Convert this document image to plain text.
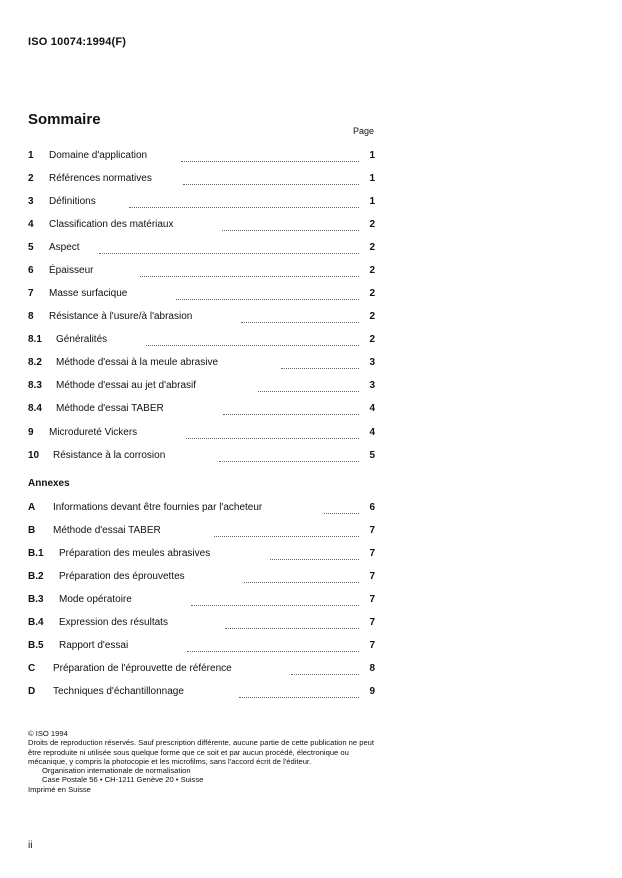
ISO 10074:1994(F)
Sommaire
Page
1 Domaine d'application	1
2 Références normatives	1
3 Définitions	1
4 Classification des matériaux	2
5 Aspect	2
6 Épaisseur	2
7 Masse surfacique	2
8 Résistance à l'usure/à l'abrasion	2
8.1 Généralités	2
8.2 Méthode d'essai à la meule abrasive	3
8.3 Méthode d'essai au jet d'abrasif	3
8.4 Méthode d'essai TABER	4
9 Microdureté Vickers	4
10 Résistance à la corrosion	5
Annexes
A Informations devant être fournies par l'acheteur	6
B Méthode d'essai TABER	7
B.1 Préparation des meules abrasives	7
B.2 Préparation des éprouvettes	7
B.3 Mode opératoire	7
B.4 Expression des résultats	7
B.5 Rapport d'essai	7
C Préparation de l'éprouvette de référence	8
D Techniques d'échantillonnage	9
© ISO 1994
Droits de reproduction réservés. Sauf prescription différente, aucune partie de cette publication ne peut être reproduite ni utilisée sous quelque forme que ce soit et par aucun procédé, électronique ou mécanique, y compris la photocopie et les microfilms, sans l'accord écrit de l'éditeur.
Organisation internationale de normalisation
Case Postale 56 • CH-1211 Genève 20 • Suisse
Imprimé en Suisse
ii
